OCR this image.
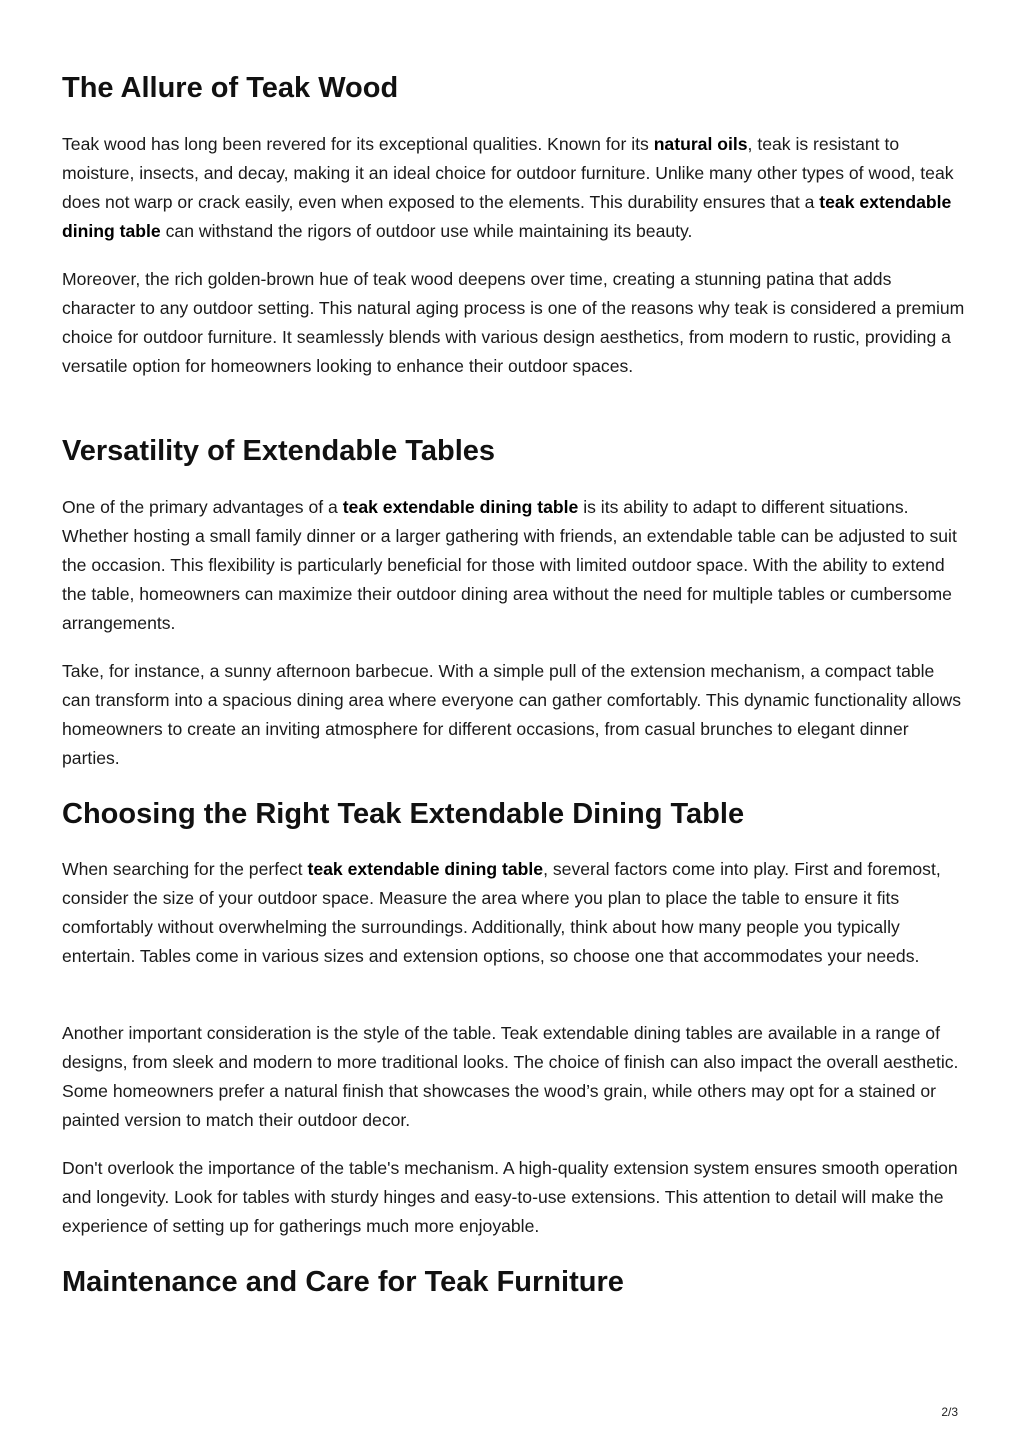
The Allure of Teak Wood

Teak wood has long been revered for its exceptional qualities. Known for its natural oils, teak is resistant to moisture, insects, and decay, making it an ideal choice for outdoor furniture. Unlike many other types of wood, teak does not warp or crack easily, even when exposed to the elements. This durability ensures that a teak extendable dining table can withstand the rigors of outdoor use while maintaining its beauty.

Moreover, the rich golden-brown hue of teak wood deepens over time, creating a stunning patina that adds character to any outdoor setting. This natural aging process is one of the reasons why teak is considered a premium choice for outdoor furniture. It seamlessly blends with various design aesthetics, from modern to rustic, providing a versatile option for homeowners looking to enhance their outdoor spaces.

Versatility of Extendable Tables

One of the primary advantages of a teak extendable dining table is its ability to adapt to different situations. Whether hosting a small family dinner or a larger gathering with friends, an extendable table can be adjusted to suit the occasion. This flexibility is particularly beneficial for those with limited outdoor space. With the ability to extend the table, homeowners can maximize their outdoor dining area without the need for multiple tables or cumbersome arrangements.

Take, for instance, a sunny afternoon barbecue. With a simple pull of the extension mechanism, a compact table can transform into a spacious dining area where everyone can gather comfortably. This dynamic functionality allows homeowners to create an inviting atmosphere for different occasions, from casual brunches to elegant dinner parties.

Choosing the Right Teak Extendable Dining Table

When searching for the perfect teak extendable dining table, several factors come into play. First and foremost, consider the size of your outdoor space. Measure the area where you plan to place the table to ensure it fits comfortably without overwhelming the surroundings. Additionally, think about how many people you typically entertain. Tables come in various sizes and extension options, so choose one that accommodates your needs.

Another important consideration is the style of the table. Teak extendable dining tables are available in a range of designs, from sleek and modern to more traditional looks. The choice of finish can also impact the overall aesthetic. Some homeowners prefer a natural finish that showcases the wood’s grain, while others may opt for a stained or painted version to match their outdoor decor.

Don't overlook the importance of the table's mechanism. A high-quality extension system ensures smooth operation and longevity. Look for tables with sturdy hinges and easy-to-use extensions. This attention to detail will make the experience of setting up for gatherings much more enjoyable.

Maintenance and Care for Teak Furniture
2/3
